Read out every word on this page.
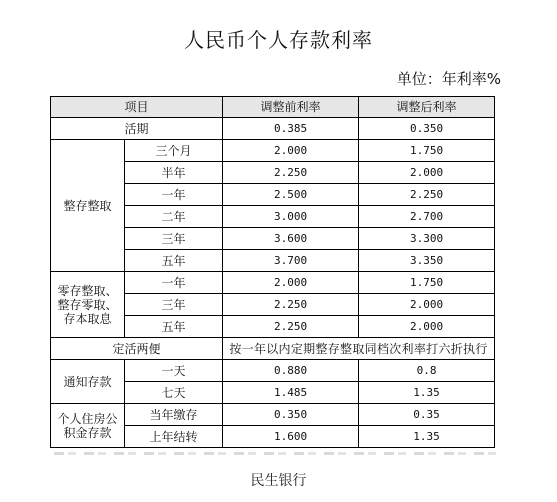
人民币个人存款利率
单位：年利率%
项目		调整前利率	调整后利率
活期		0.385	0.350
整存整取	三个月	2.000	1.750
	半年	2.250	2.000
	一年	2.500	2.250
	二年	3.000	2.700
	三年	3.600	3.300
	五年	3.700	3.350

零存整取、
整存零取、
存本取息	一年	2.000	1.750
	三年	2.250	2.000
	五年	2.250	2.000
定活两便		按一年以内定期整存整取同档次利率打六折执行	
通知存款	一天	0.880	0.8
	七天	1.485	1.35

个人住房公
积金存款	当年缴存	0.350	0.35
	上年结转	1.600	1.35
民生银行
